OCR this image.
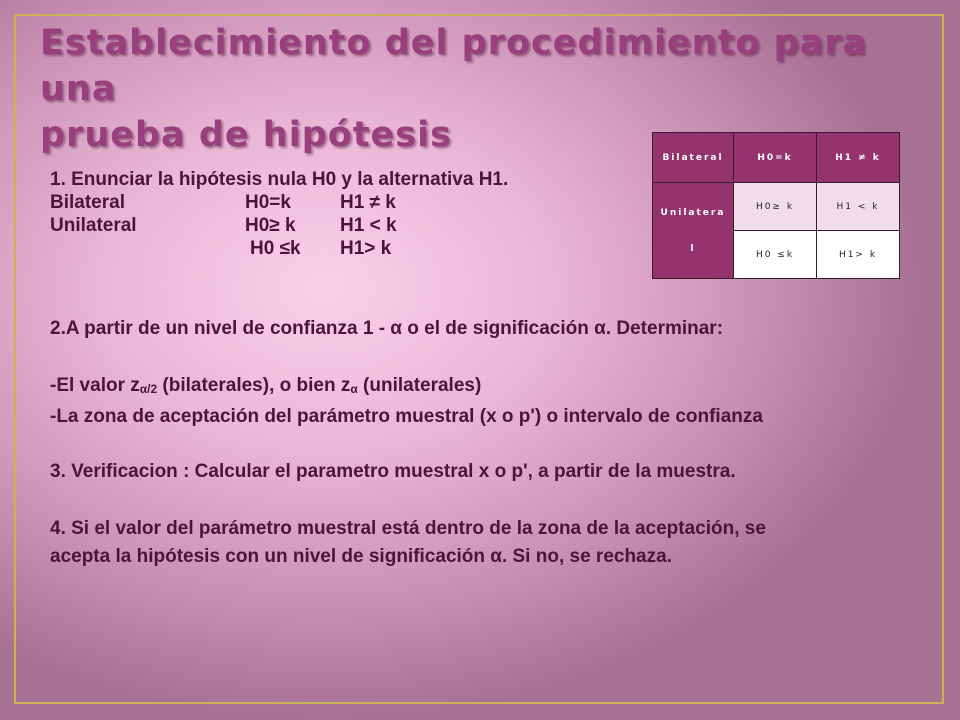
Establecimiento del procedimiento para una
prueba de hipótesis
1. Enunciar la hipótesis nula H0 y la alternativa H1.
Bilateral	H0=k	H1 ≠ k
Unilateral	H0≥ k H1 < k
H0 ≤k H1> k
2.A partir de un nivel de confianza 1 - α o el de significación α. Determinar:
-El valor $z_{\alpha/2}$ (bilaterales), o bien $z_\alpha$ (unilaterales)
-La zona de aceptación del parámetro muestral (x o p') o intervalo de confianza
3. Verificacion : Calcular el parametro muestral x o p', a partir de la muestra.
4. Si el valor del parámetro muestral está dentro de la zona de la aceptación, se
acepta la hipótesis con un nivel de significación α. Si no, se rechaza.
Bilateral	H0=k	H1 ≠ k

Unilatera
l	H0≥ k	H1 < k
	H0 ≤k	H1> k
